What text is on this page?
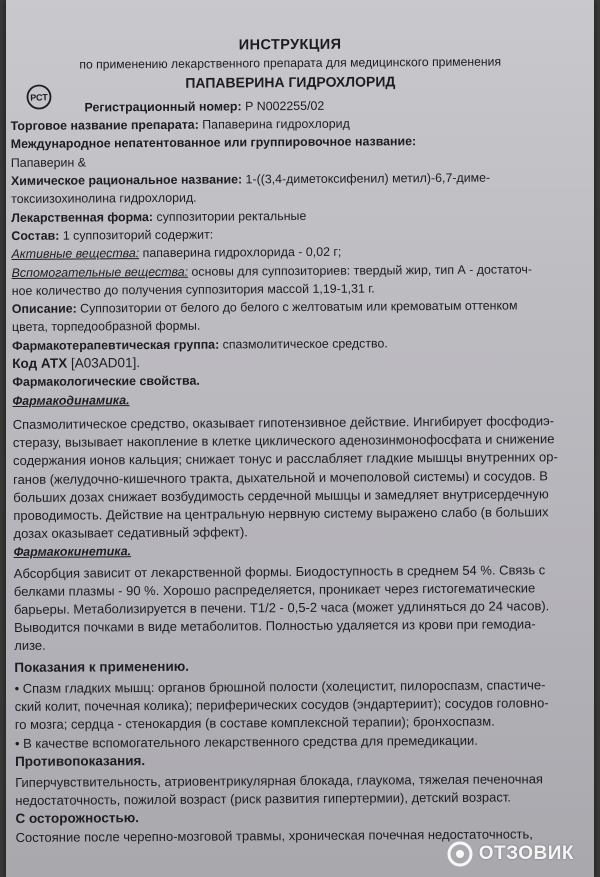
РСТ
ИНСТРУКЦИЯ
по применению лекарственного препарата для медицинского применения
ПАПАВЕРИНА ГИДРОХЛОРИД
Регистрационный номер: Р N002255/02
Торговое название препарата: Папаверина гидрохлорид
Международное непатентованное или группировочное название:
Папаверин &
Химическое рациональное название: 1-((3,4-диметоксифенил) метил)-6,7-диме-
токсиизохинолина гидрохлорид.
Лекарственная форма: суппозитории ректальные
Состав: 1 суппозиторий содержит:
Активные вещества: папаверина гидрохлорида - 0,02 г;
Вспомогательные вещества: основы для суппозиториев: твердый жир, тип А - достаточ-
ное количество до получения суппозитория массой 1,19-1,31 г.
Описание: Суппозитории от белого до белого с желтоватым или кремоватым оттенком
цвета, торпедообразной формы.
Фармакотерапевтическая группа: спазмолитическое средство.
Код АТХ [A03AD01].
Фармакологические свойства.
Фармакодинамика.
Спазмолитическое средство, оказывает гипотензивное действие. Ингибирует фосфодиэ-
стеразу, вызывает накопление в клетке циклического аденозинмонофосфата и снижение
содержания ионов кальция; снижает тонус и расслабляет гладкие мышцы внутренних ор-
ганов (желудочно-кишечного тракта, дыхательной и мочеполовой системы) и сосудов. В
больших дозах снижает возбудимость сердечной мышцы и замедляет внутрисердечную
проводимость. Действие на центральную нервную систему выражено слабо (в больших
дозах оказывает седативный эффект).
Фармакокинетика.
Абсорбция зависит от лекарственной формы. Биодоступность в среднем 54 %. Связь с
белками плазмы - 90 %. Хорошо распределяется, проникает через гистогематические
барьеры. Метаболизируется в печени. Т1/2 - 0,5-2 часа (может удлиняться до 24 часов).
Выводится почками в виде метаболитов. Полностью удаляется из крови при гемодиа-
лизе.
Показания к применению.
• Спазм гладких мышц: органов брюшной полости (холецистит, пилороспазм, спастиче-
ский колит, почечная колика); периферических сосудов (эндартериит); сосудов головно-
го мозга; сердца - стенокардия (в составе комплексной терапии); бронхоспазм.
• В качестве вспомогательного лекарственного средства для премедикации.
Противопоказания.
Гиперчувствительность, атриовентрикулярная блокада, глаукома, тяжелая печеночная
недостаточность, пожилой возраст (риск развития гипертермии), детский возраст.
С осторожностью.
Состояние после черепно-мозговой травмы, хроническая почечная недостаточность,
ОТЗОВИК
